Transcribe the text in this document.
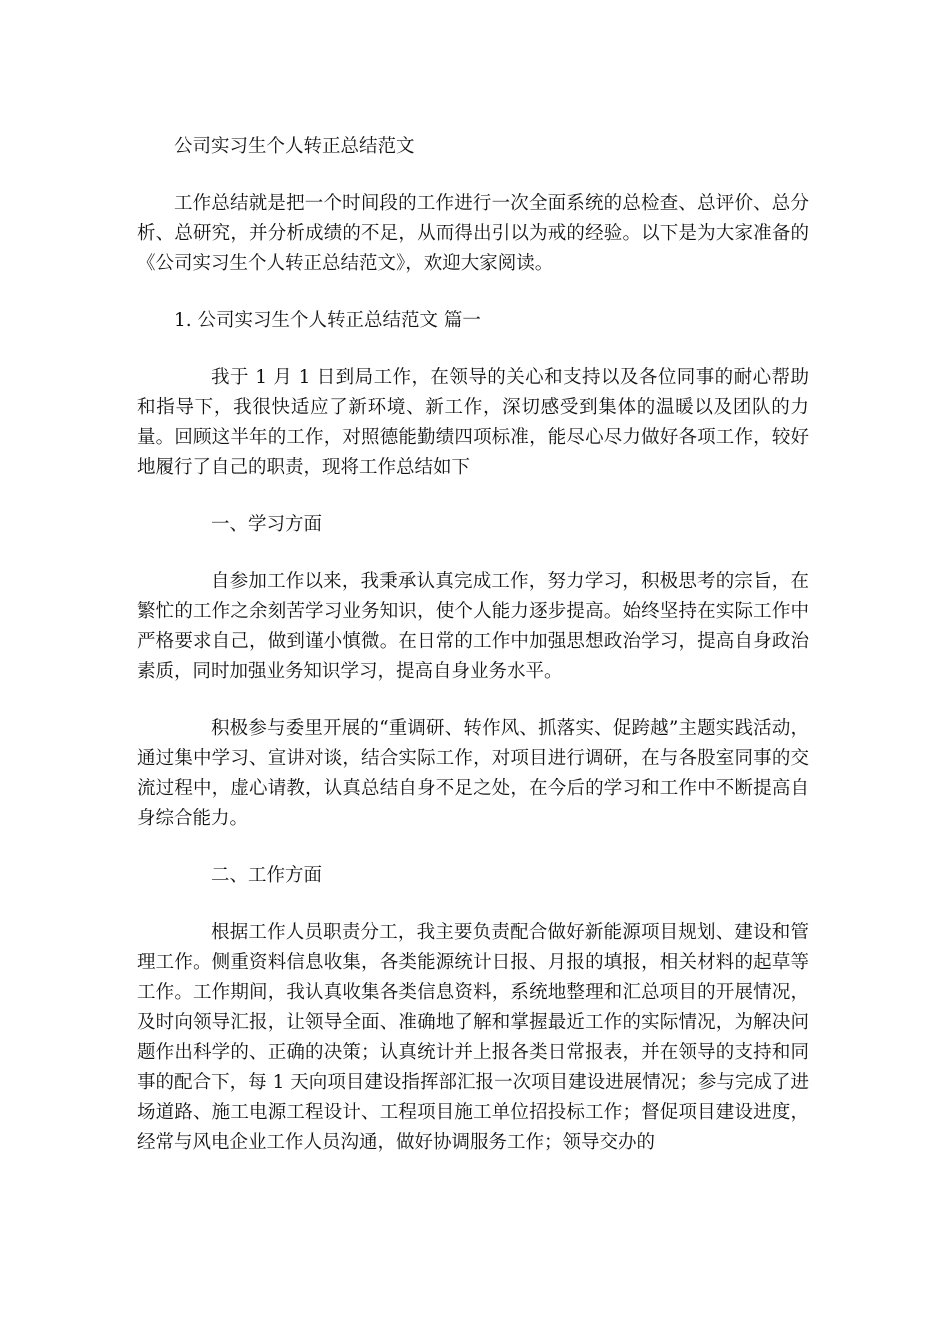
公司实习生个人转正总结范文

工作总结就是把一个时间段的工作进行一次全面系统的总检查、总评价、总分析、总研究，并分析成绩的不足，从而得出引以为戒的经验。以下是为大家准备的《公司实习生个人转正总结范文》，欢迎大家阅读。

1. 公司实习生个人转正总结范文 篇一

我于 1 月 1 日到局工作，在领导的关心和支持以及各位同事的耐心帮助和指导下，我很快适应了新环境、新工作，深切感受到集体的温暖以及团队的力量。回顾这半年的工作，对照德能勤绩四项标准，能尽心尽力做好各项工作，较好地履行了自己的职责，现将工作总结如下

一、学习方面

自参加工作以来，我秉承认真完成工作，努力学习，积极思考的宗旨，在繁忙的工作之余刻苦学习业务知识，使个人能力逐步提高。始终坚持在实际工作中严格要求自己，做到谨小慎微。在日常的工作中加强思想政治学习，提高自身政治素质，同时加强业务知识学习，提高自身业务水平。

积极参与委里开展的“重调研、转作风、抓落实、促跨越”主题实践活动，通过集中学习、宣讲对谈，结合实际工作，对项目进行调研，在与各股室同事的交流过程中，虚心请教，认真总结自身不足之处，在今后的学习和工作中不断提高自身综合能力。

二、工作方面

根据工作人员职责分工，我主要负责配合做好新能源项目规划、建设和管理工作。侧重资料信息收集，各类能源统计日报、月报的填报，相关材料的起草等工作。工作期间，我认真收集各类信息资料，系统地整理和汇总项目的开展情况，及时向领导汇报，让领导全面、准确地了解和掌握最近工作的实际情况，为解决问题作出科学的、正确的决策；认真统计并上报各类日常报表，并在领导的支持和同事的配合下，每 1 天向项目建设指挥部汇报一次项目建设进展情况；参与完成了进场道路、施工电源工程设计、工程项目施工单位招投标工作；督促项目建设进度，经常与风电企业工作人员沟通，做好协调服务工作；领导交办的
